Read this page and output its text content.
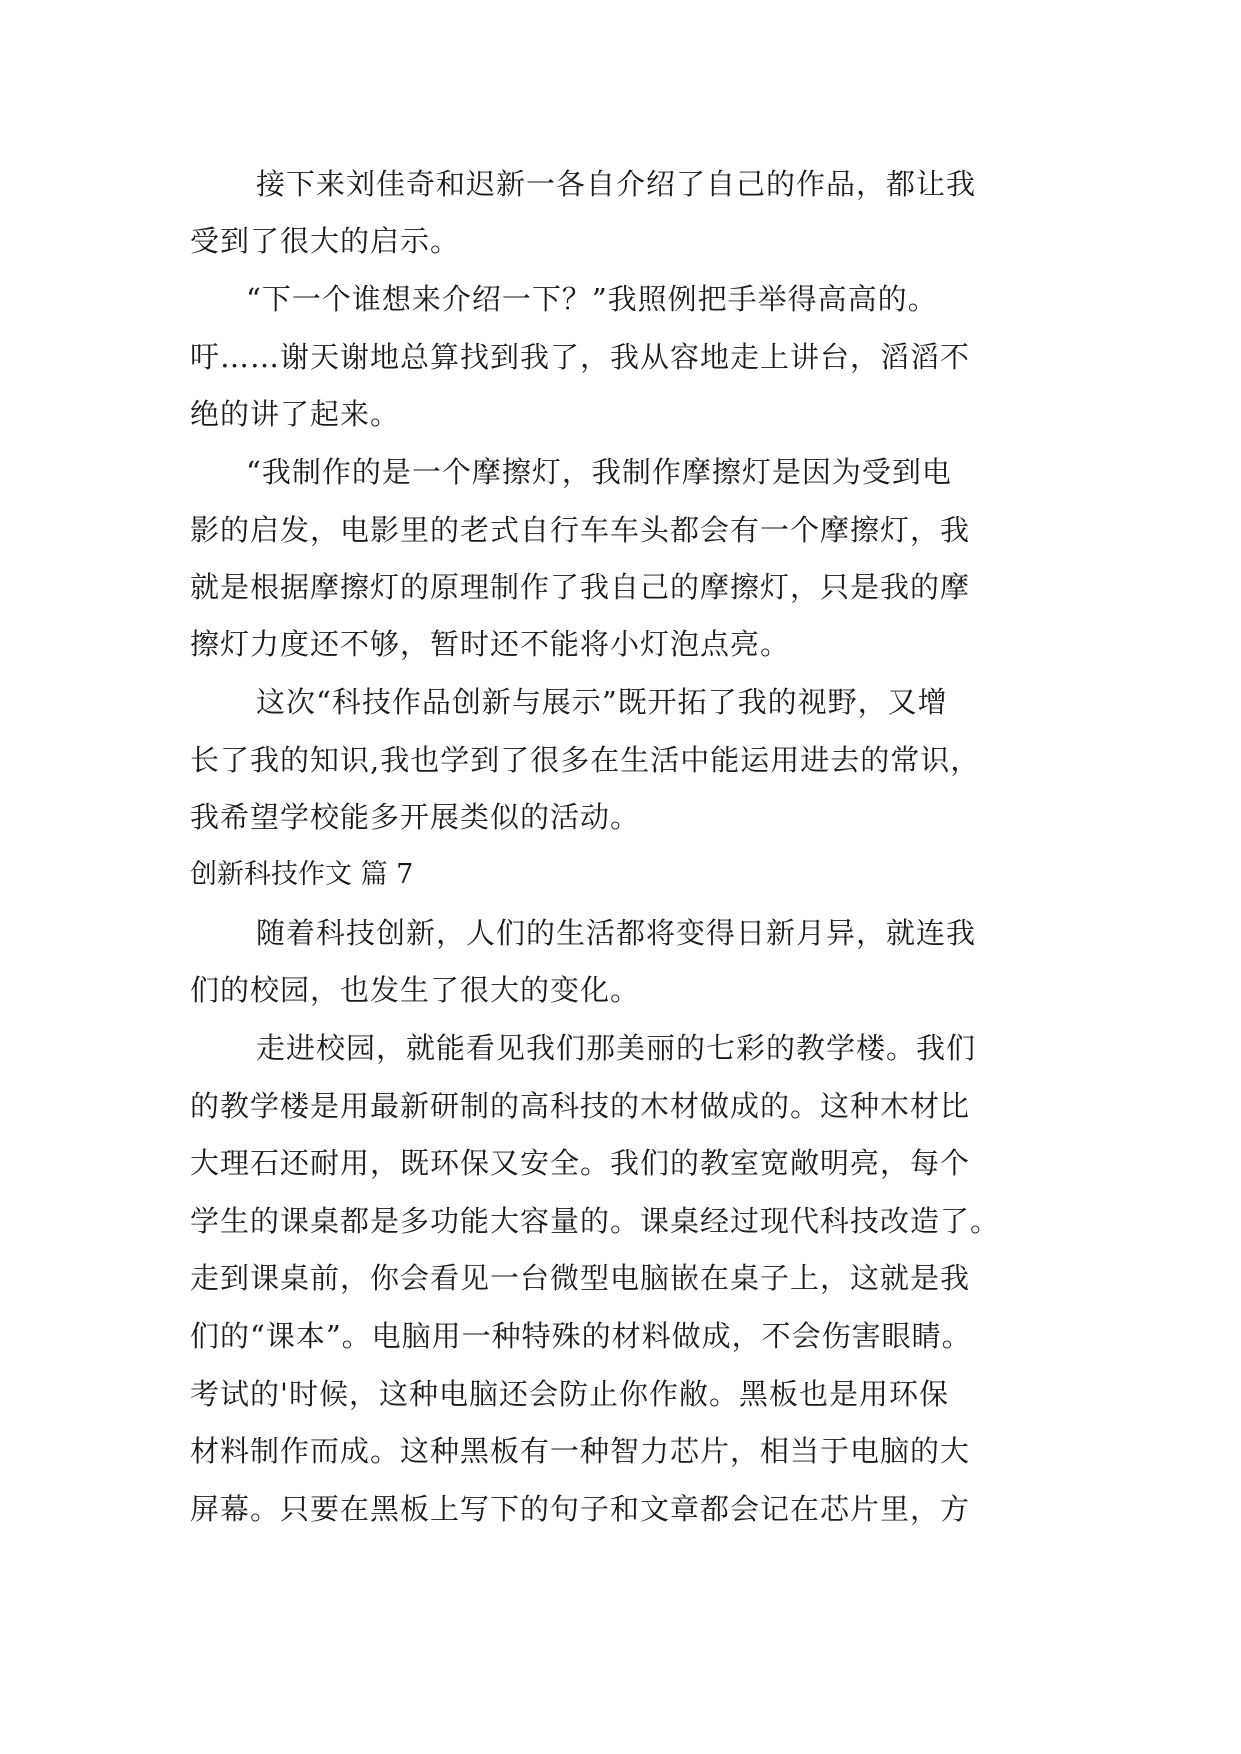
接下来刘佳奇和迟新一各自介绍了自己的作品，都让我
受到了很大的启示。
“下一个谁想来介绍一下？”我照例把手举得高高的。
吁……谢天谢地总算找到我了，我从容地走上讲台，滔滔不
绝的讲了起来。
“我制作的是一个摩擦灯，我制作摩擦灯是因为受到电
影的启发，电影里的老式自行车车头都会有一个摩擦灯，我
就是根据摩擦灯的原理制作了我自己的摩擦灯，只是我的摩
擦灯力度还不够，暂时还不能将小灯泡点亮。
这次“科技作品创新与展示”既开拓了我的视野，又增
长了我的知识,我也学到了很多在生活中能运用进去的常识，
我希望学校能多开展类似的活动。
创新科技作文 篇 7
随着科技创新，人们的生活都将变得日新月异，就连我
们的校园，也发生了很大的变化。
走进校园，就能看见我们那美丽的七彩的教学楼。我们
的教学楼是用最新研制的高科技的木材做成的。这种木材比
大理石还耐用，既环保又安全。我们的教室宽敞明亮，每个
学生的课桌都是多功能大容量的。课桌经过现代科技改造了。
走到课桌前，你会看见一台微型电脑嵌在桌子上，这就是我
们的“课本”。电脑用一种特殊的材料做成，不会伤害眼睛。
考试的'时候，这种电脑还会防止你作敝。黑板也是用环保
材料制作而成。这种黑板有一种智力芯片，相当于电脑的大
屏幕。只要在黑板上写下的句子和文章都会记在芯片里，方
